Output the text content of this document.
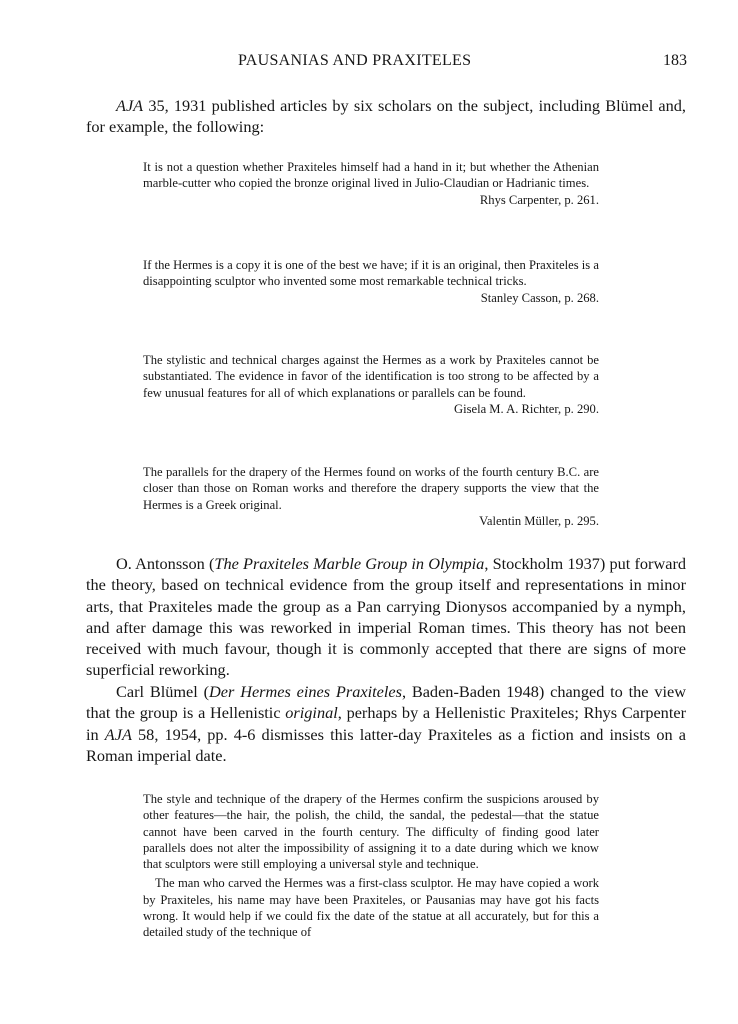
PAUSANIAS AND PRAXITELES	183

AJA 35, 1931 published articles by six scholars on the subject, including Blümel and, for example, the following:

It is not a question whether Praxiteles himself had a hand in it; but whether the Athenian marble-cutter who copied the bronze original lived in Julio-Claudian or Hadrianic times.

Rhys Carpenter, p. 261.

If the Hermes is a copy it is one of the best we have; if it is an original, then Praxiteles is a disappointing sculptor who invented some most remarkable technical tricks.

Stanley Casson, p. 268.

The stylistic and technical charges against the Hermes as a work by Praxiteles cannot be substantiated. The evidence in favor of the identification is too strong to be affected by a few unusual features for all of which explanations or parallels can be found.

Gisela M. A. Richter, p. 290.

The parallels for the drapery of the Hermes found on works of the fourth century B.C. are closer than those on Roman works and therefore the drapery supports the view that the Hermes is a Greek original.

Valentin Müller, p. 295.

O. Antonsson (The Praxiteles Marble Group in Olympia, Stockholm 1937) put forward the theory, based on technical evidence from the group itself and representations in minor arts, that Praxiteles made the group as a Pan carrying Dionysos accompanied by a nymph, and after damage this was reworked in imperial Roman times. This theory has not been received with much favour, though it is commonly accepted that there are signs of more superficial reworking.

Carl Blümel (Der Hermes eines Praxiteles, Baden-Baden 1948) changed to the view that the group is a Hellenistic original, perhaps by a Hellenistic Praxiteles; Rhys Carpenter in AJA 58, 1954, pp. 4-6 dismisses this latter-day Praxiteles as a fiction and insists on a Roman imperial date.

The style and technique of the drapery of the Hermes confirm the suspicions aroused by other features—the hair, the polish, the child, the sandal, the pedestal—that the statue cannot have been carved in the fourth century. The difficulty of finding good later parallels does not alter the impossibility of assigning it to a date during which we know that sculptors were still employing a universal style and technique.

The man who carved the Hermes was a first-class sculptor. He may have copied a work by Praxiteles, his name may have been Praxiteles, or Pausanias may have got his facts wrong. It would help if we could fix the date of the statue at all accurately, but for this a detailed study of the technique of
